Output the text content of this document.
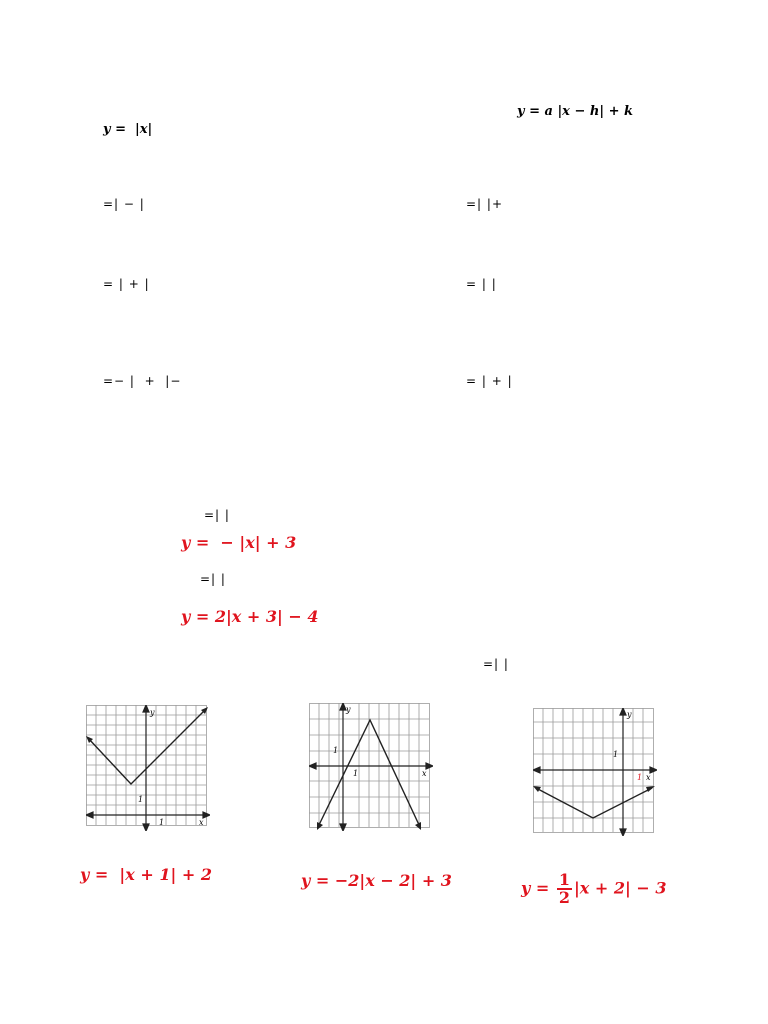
y = a |x − h| + k
y =  |x|
=| − |	=| |+
= | + |	= | |
=− |  +  |−	= | + |
=| |
y =  − |x| + 3
=| |
y = 2|x + 3| − 4
=| |
y
x
1
1
y
x
1
1
y
x
1
1
y =  |x + 1| + 2	y = −2|x − 2| + 3	$y = \frac{1}{2} |x + 2| - 3$
